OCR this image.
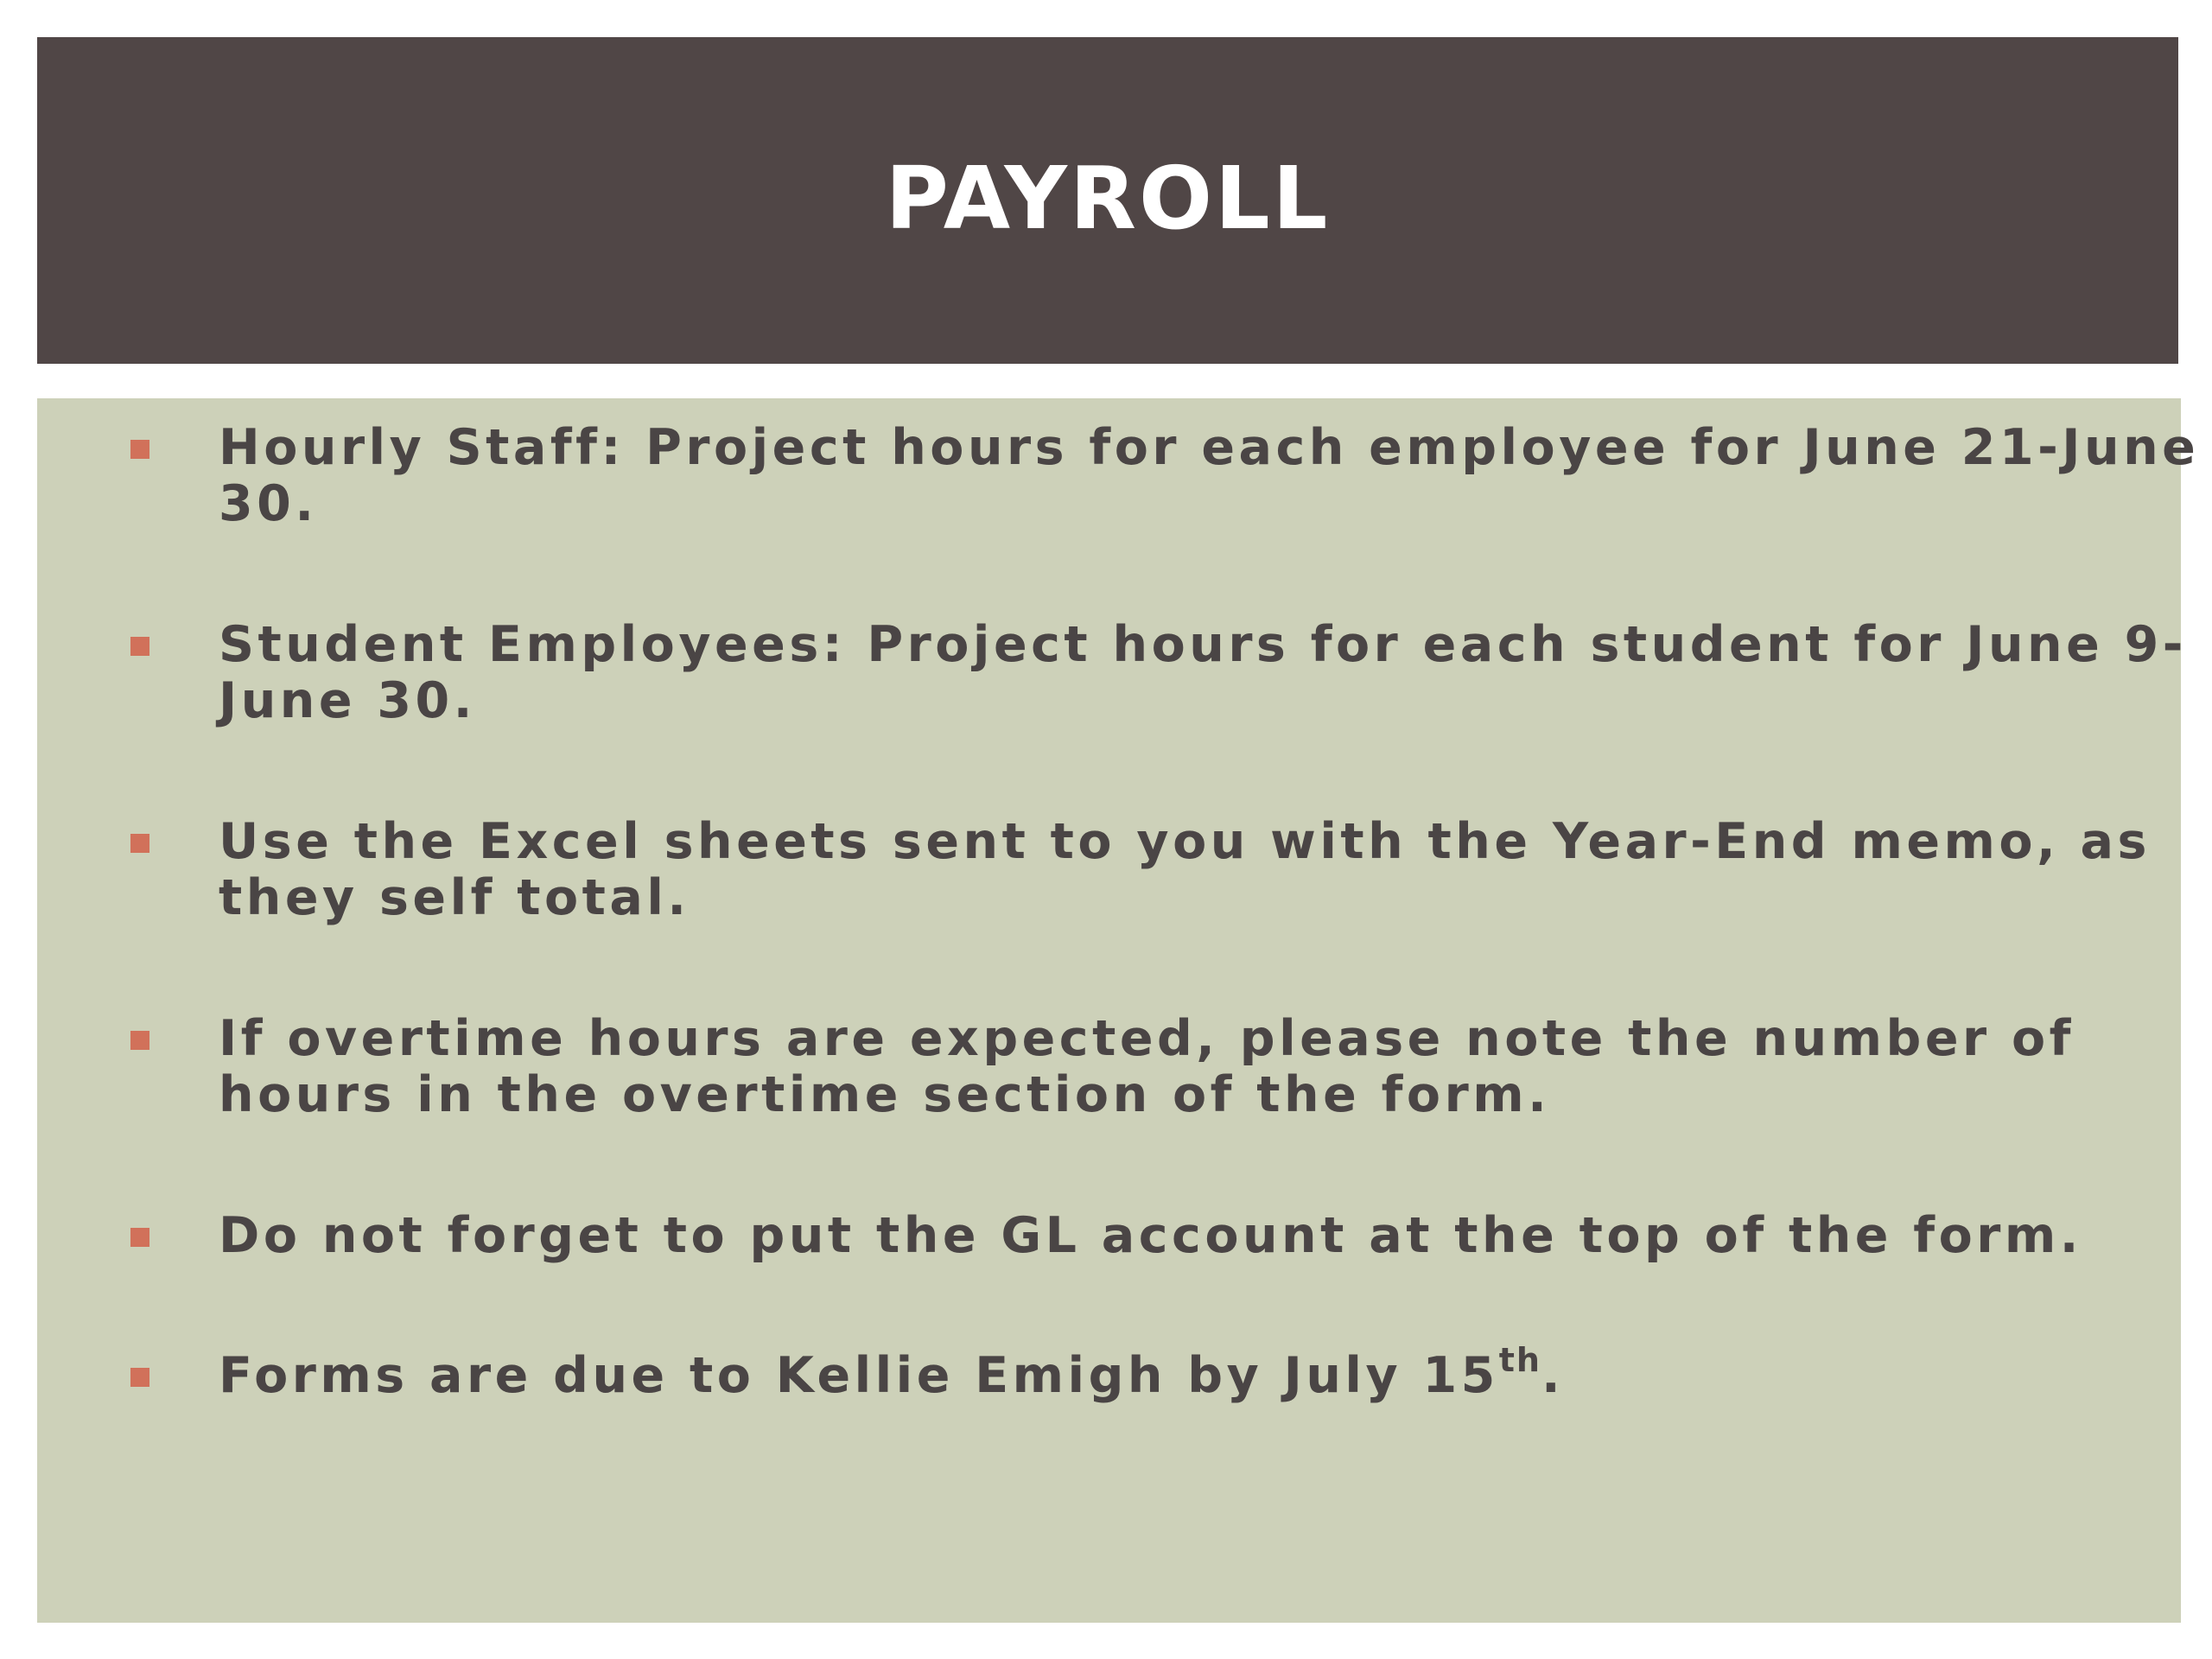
PAYROLL
Hourly Staff: Project hours for each employee for June 21-June 30.
Student Employees: Project hours for each student for June 9-June 30.
Use the Excel sheets sent to you with the Year-End memo, as they self total.
If overtime hours are expected, please note the number of hours in the overtime section of the form.
Do not forget to put the GL account at the top of the form.
Forms are due to Kellie Emigh by July 15th.
